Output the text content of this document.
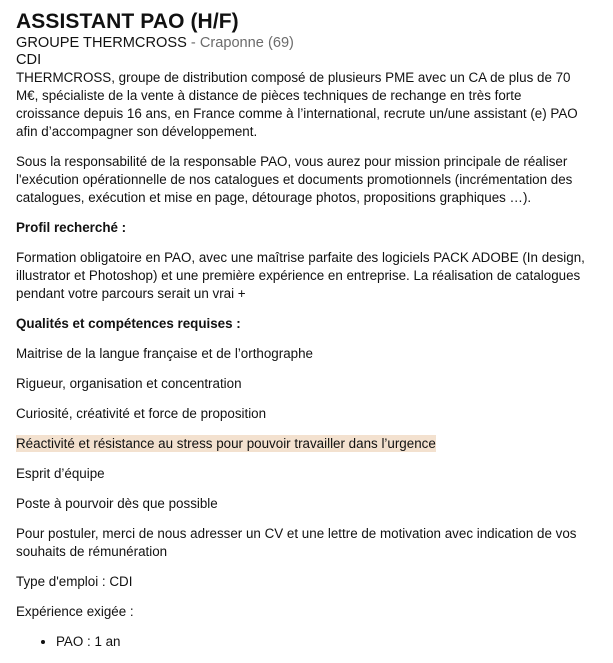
ASSISTANT PAO (H/F)
GROUPE THERMCROSS - Craponne (69)
CDI

THERMCROSS, groupe de distribution composé de plusieurs PME avec un CA de plus de 70 M€, spécialiste de la vente à distance de pièces techniques de rechange en très forte croissance depuis 16 ans, en France comme à l’international, recrute un/une assistant (e) PAO afin d’accompagner son développement.

Sous la responsabilité de la responsable PAO, vous aurez pour mission principale de réaliser l'exécution opérationnelle de nos catalogues et documents promotionnels (incrémentation des catalogues, exécution et mise en page, détourage photos, propositions graphiques …).

Profil recherché :

Formation obligatoire en PAO, avec une maîtrise parfaite des logiciels PACK ADOBE (In design, illustrator et Photoshop) et une première expérience en entreprise. La réalisation de catalogues pendant votre parcours serait un vrai +

Qualités et compétences requises :

Maitrise de la langue française et de l’orthographe

Rigueur, organisation et concentration

Curiosité, créativité et force de proposition

Réactivité et résistance au stress pour pouvoir travailler dans l’urgence

Esprit d’équipe

Poste à pourvoir dès que possible

Pour postuler, merci de nous adresser un CV et une lettre de motivation avec indication de vos souhaits de rémunération

Type d'emploi : CDI

Expérience exigée :

• PAO : 1 an
